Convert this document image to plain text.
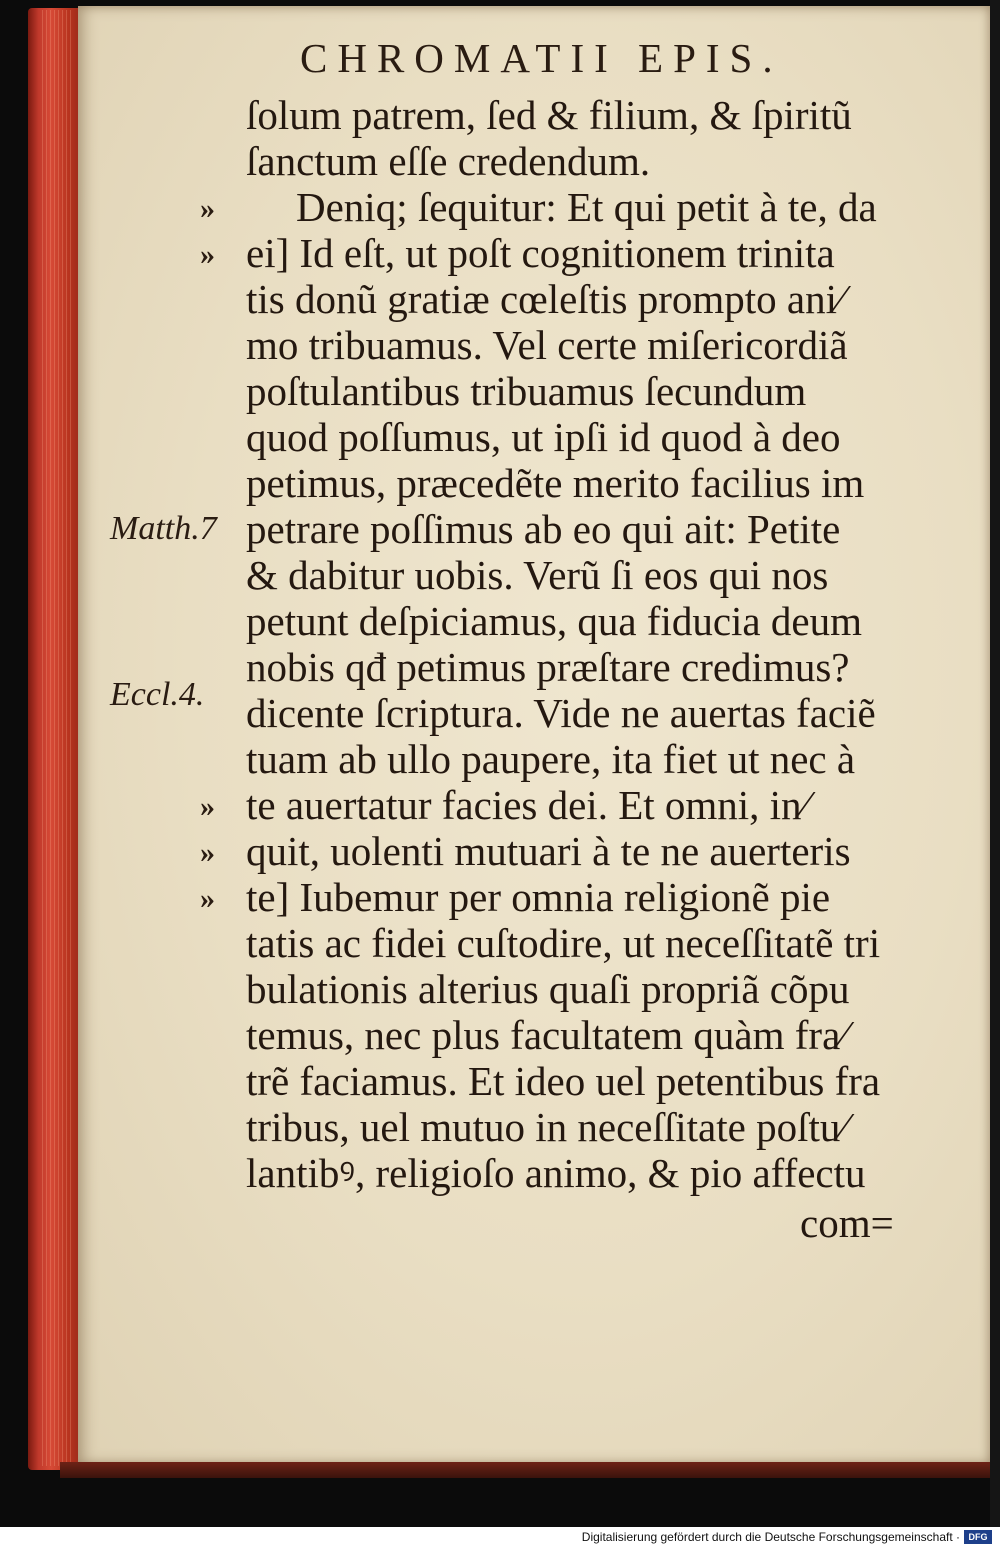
CHROMATII EPIS.
ſolum patrem, ſed & filium, & ſpiritũ
ſanctum eſſe credendum.
Deniq; ſequitur: Et qui petit à te, da
ei] Id eſt, ut poſt cognitionem trinita
tis donũ gratiæ cœleſtis prompto ani⁄
mo tribuamus. Vel certe miſericordiã
poſtulantibus tribuamus ſecundum
quod poſſumus, ut ipſi id quod à deo
petimus, præcedẽte merito facilius im
petrare poſſimus ab eo qui ait: Petite
& dabitur uobis. Verũ ſi eos qui nos
petunt deſpiciamus, qua fiducia deum
nobis qđ petimus præſtare credimus?
dicente ſcriptura. Vide ne auertas faciẽ
tuam ab ullo paupere, ita fiet ut nec à
te auertatur facies dei. Et omni, in⁄
quit, uolenti mutuari à te ne auerteris
te] Iubemur per omnia religionẽ pie
tatis ac fidei cuſtodire, ut neceſſitatẽ tri
bulationis alterius quaſi propriã cõpu
temus, nec plus facultatem quàm fra⁄
trẽ faciamus. Et ideo uel petentibus fra
tribus, uel mutuo in neceſſitate poſtu⁄
lantibꝰ, religioſo animo, & pio affectu
com=
»
»
»
»
»
Matth.7
Eccl.4.
Digitalisierung gefördert durch die Deutsche Forschungsgemeinschaft · DFG
